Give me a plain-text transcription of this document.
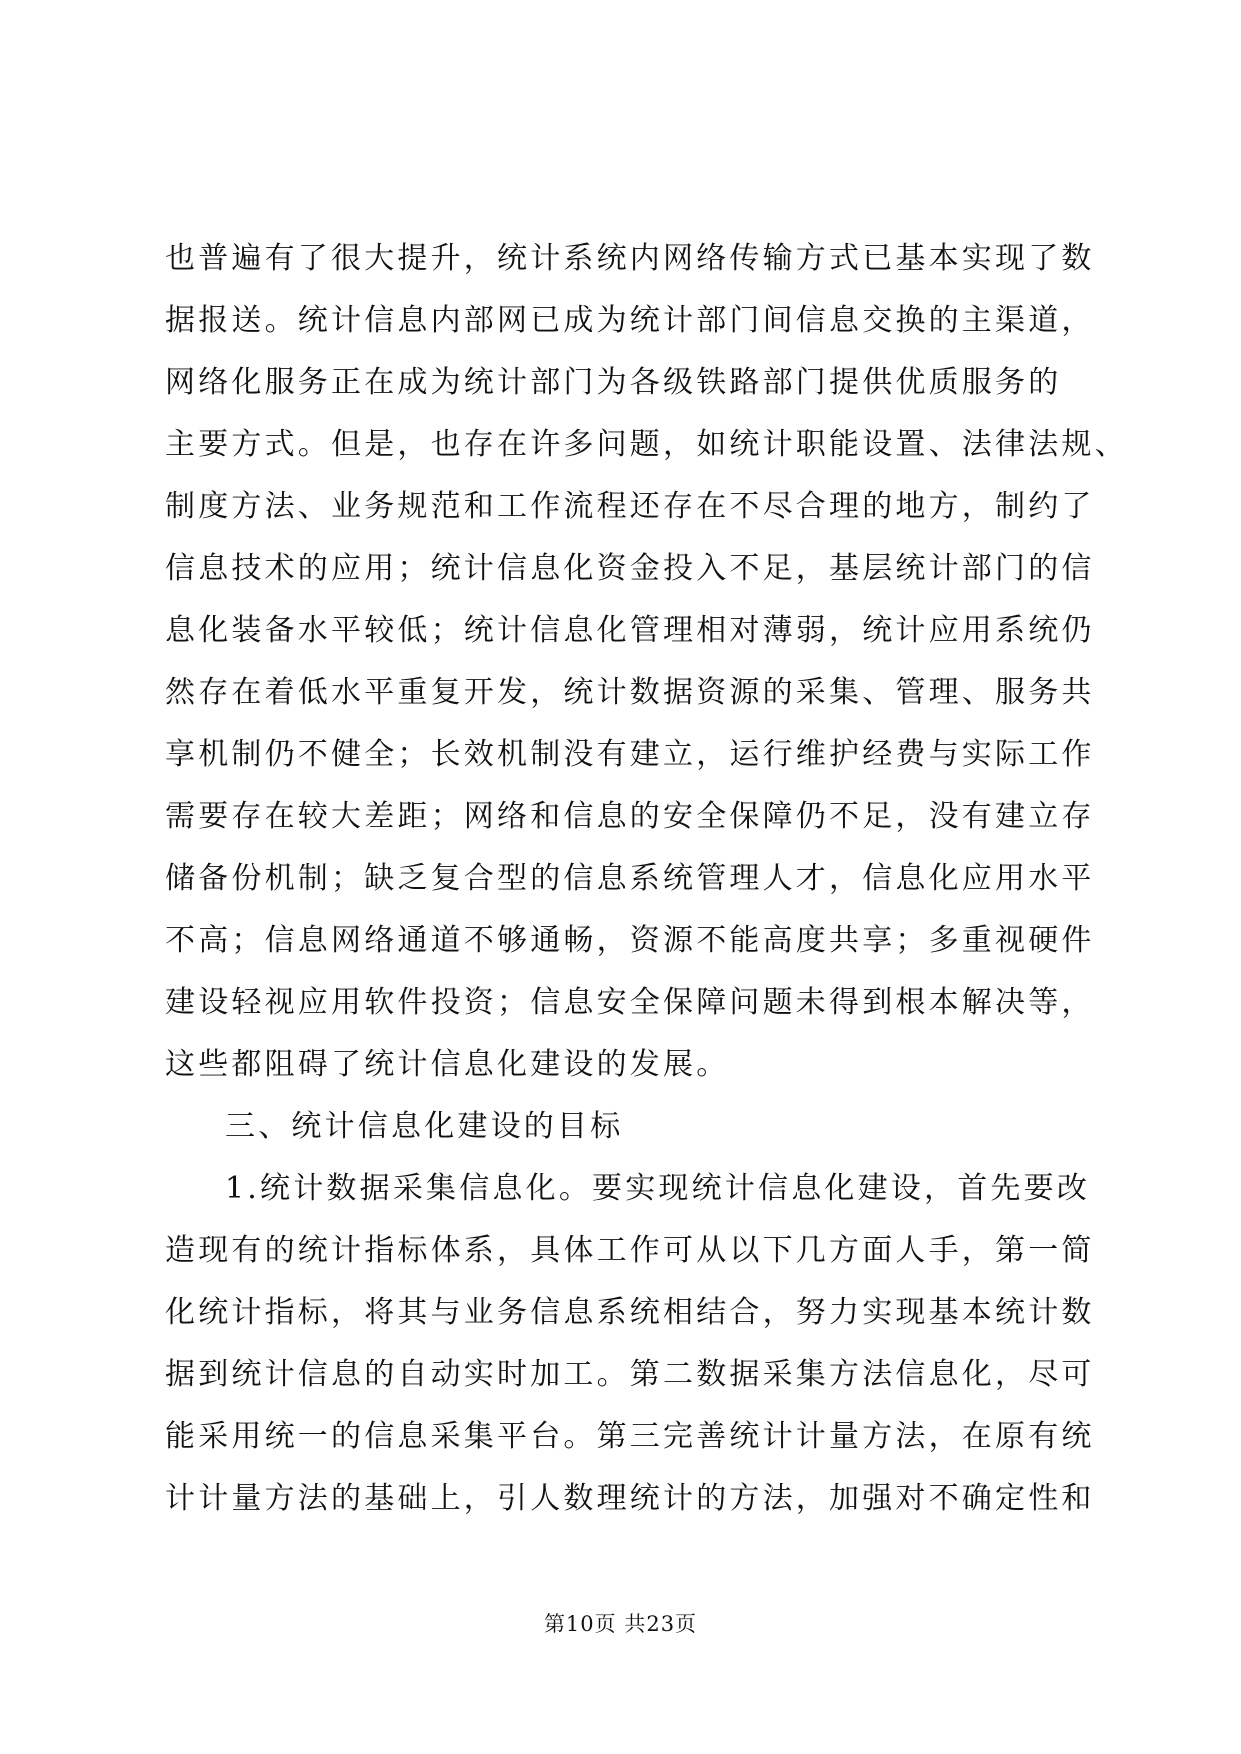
也普遍有了很大提升，统计系统内网络传输方式已基本实现了数
据报送。统计信息内部网已成为统计部门间信息交换的主渠道，
网络化服务正在成为统计部门为各级铁路部门提供优质服务的
主要方式。但是，也存在许多问题，如统计职能设置、法律法规、
制度方法、业务规范和工作流程还存在不尽合理的地方，制约了
信息技术的应用；统计信息化资金投入不足，基层统计部门的信
息化装备水平较低；统计信息化管理相对薄弱，统计应用系统仍
然存在着低水平重复开发，统计数据资源的采集、管理、服务共
享机制仍不健全；长效机制没有建立，运行维护经费与实际工作
需要存在较大差距；网络和信息的安全保障仍不足，没有建立存
储备份机制；缺乏复合型的信息系统管理人才，信息化应用水平
不高；信息网络通道不够通畅，资源不能高度共享；多重视硬件
建设轻视应用软件投资；信息安全保障问题未得到根本解决等，
这些都阻碍了统计信息化建设的发展。
三、统计信息化建设的目标
1.统计数据采集信息化。要实现统计信息化建设，首先要改
造现有的统计指标体系，具体工作可从以下几方面人手，第一简
化统计指标，将其与业务信息系统相结合，努力实现基本统计数
据到统计信息的自动实时加工。第二数据采集方法信息化，尽可
能采用统一的信息采集平台。第三完善统计计量方法，在原有统
计计量方法的基础上，引人数理统计的方法，加强对不确定性和
第10页 共23页
